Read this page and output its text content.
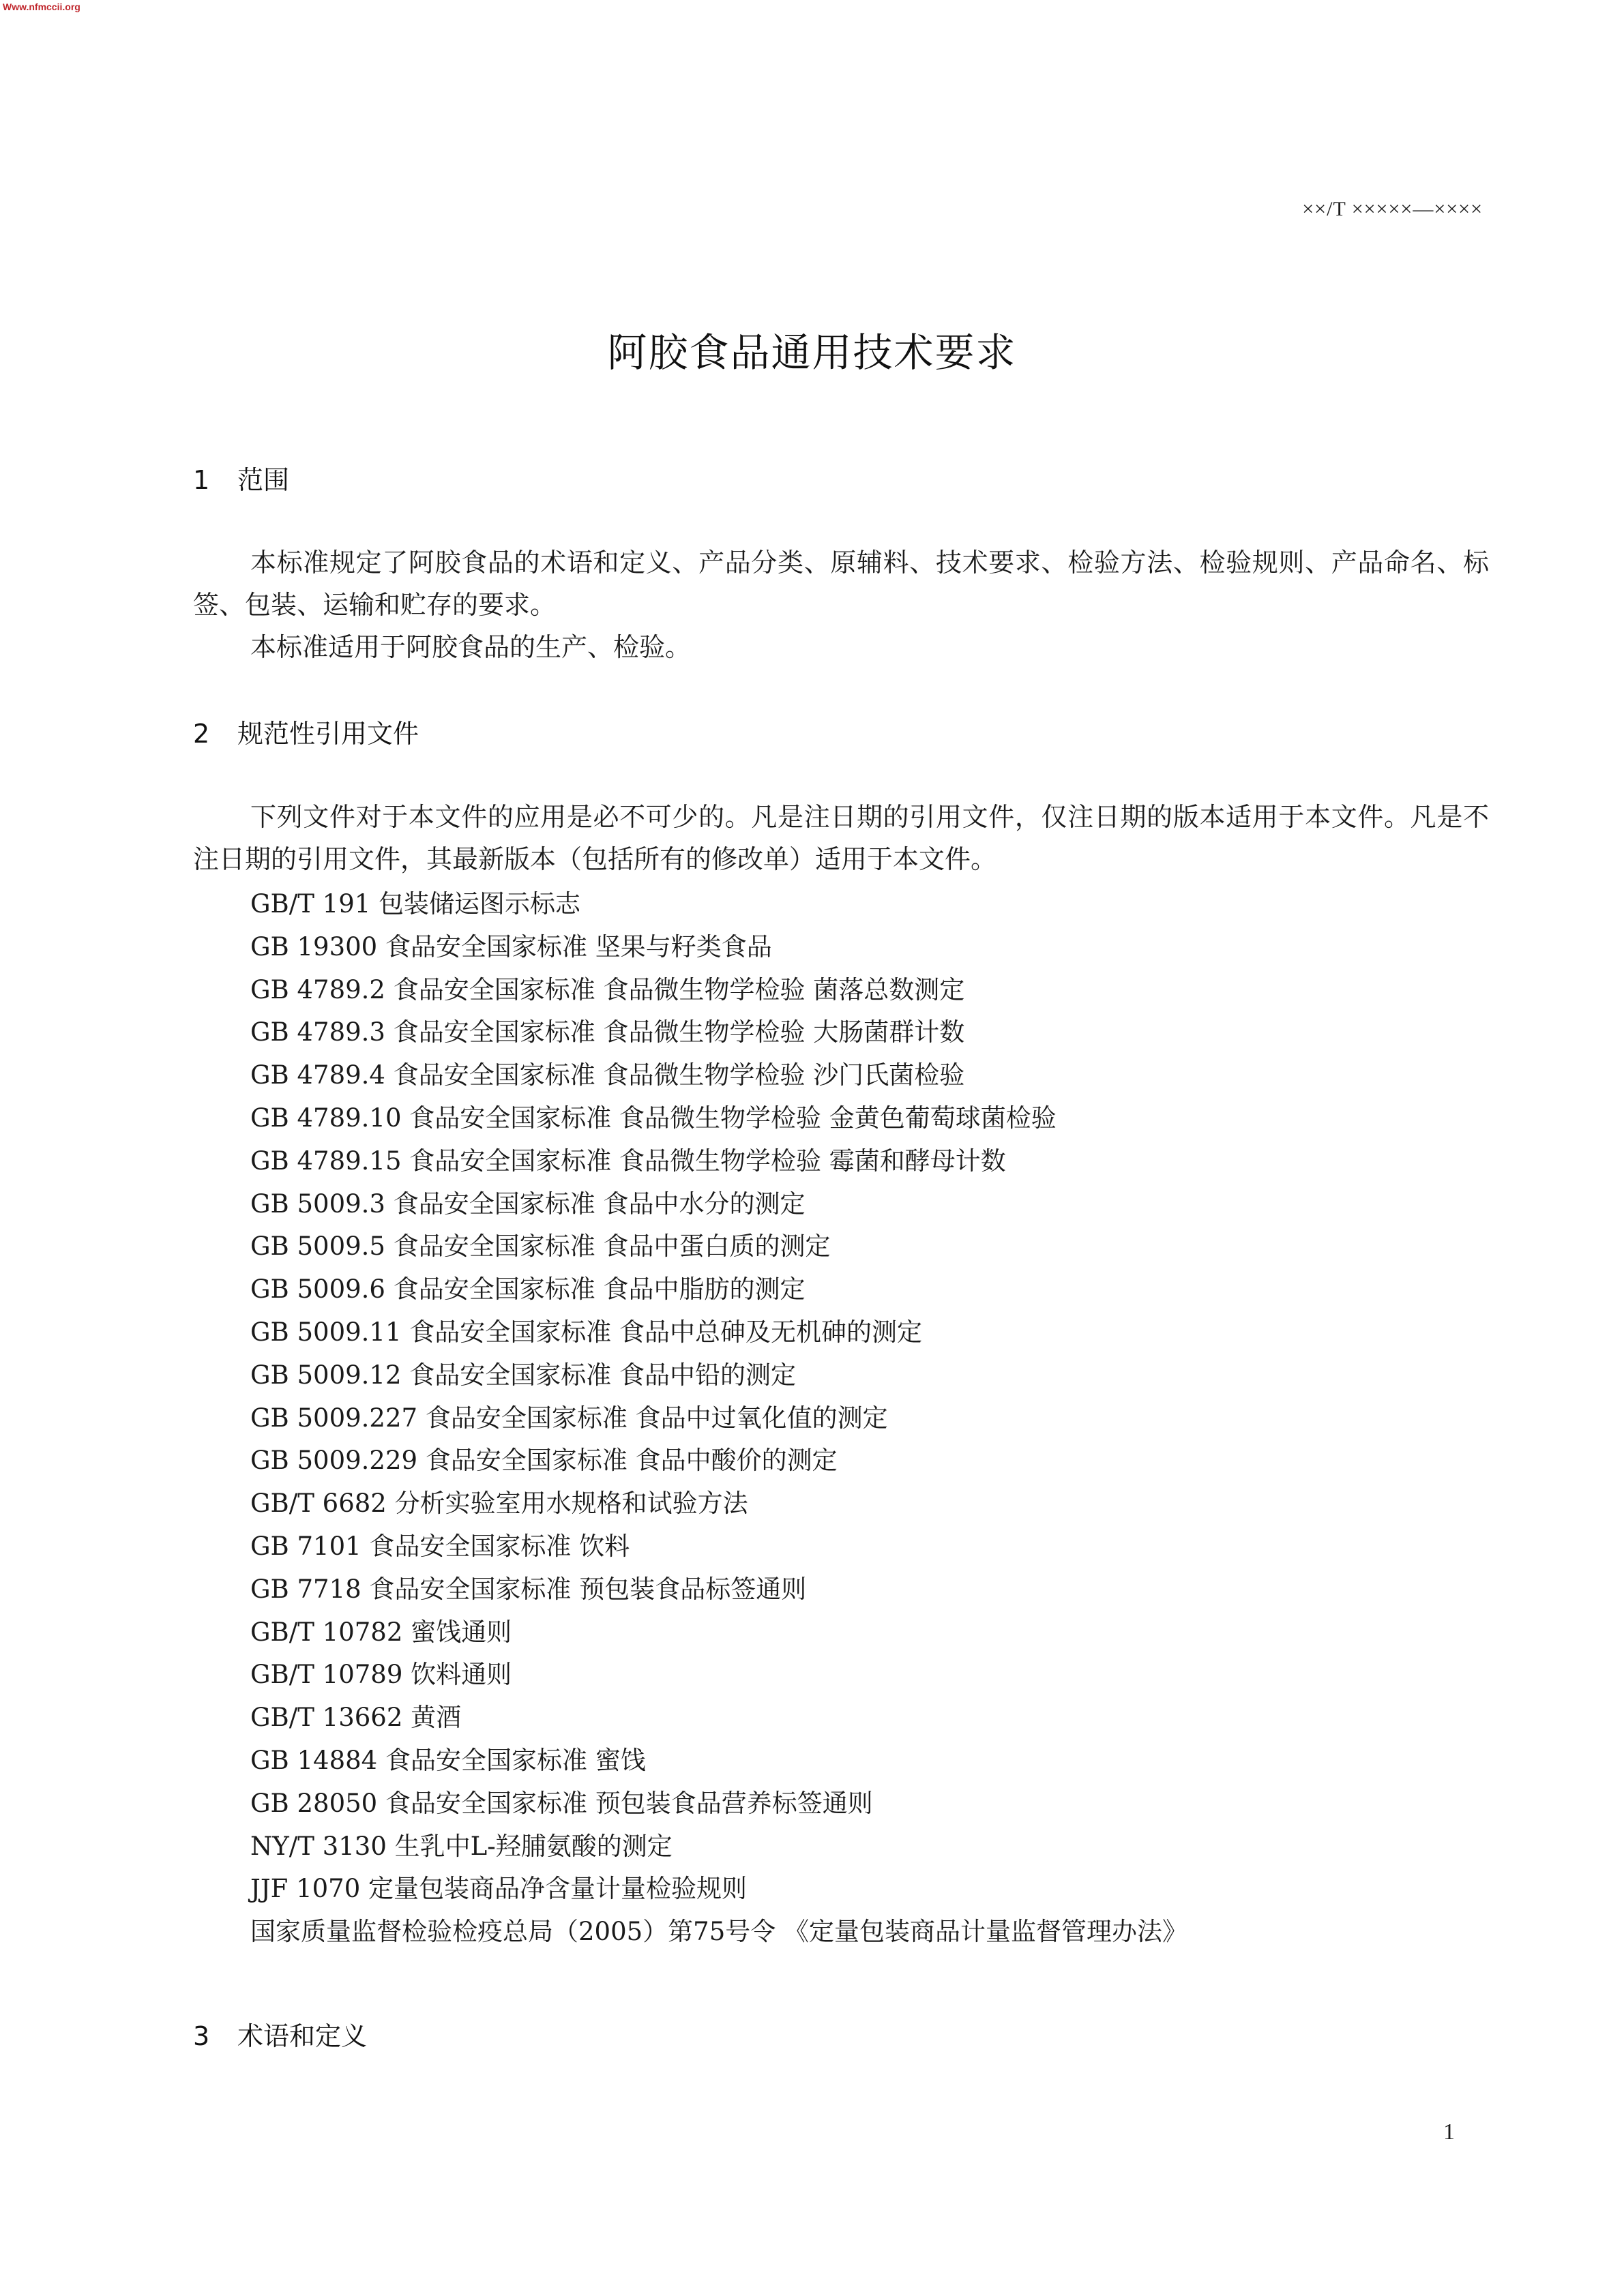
Www.nfmccii.org
××/T ×××××—××××
阿胶食品通用技术要求
1 范围
本标准规定了阿胶食品的术语和定义、产品分类、原辅料、技术要求、检验方法、检验规则、产品命名、标签、包装、运输和贮存的要求。
本标准适用于阿胶食品的生产、检验。
2 规范性引用文件
下列文件对于本文件的应用是必不可少的。凡是注日期的引用文件，仅注日期的版本适用于本文件。凡是不注日期的引用文件，其最新版本（包括所有的修改单）适用于本文件。
GB/T 191 包装储运图示标志
GB 19300 食品安全国家标准 坚果与籽类食品
GB 4789.2 食品安全国家标准 食品微生物学检验 菌落总数测定
GB 4789.3 食品安全国家标准 食品微生物学检验 大肠菌群计数
GB 4789.4 食品安全国家标准 食品微生物学检验 沙门氏菌检验
GB 4789.10 食品安全国家标准 食品微生物学检验 金黄色葡萄球菌检验
GB 4789.15 食品安全国家标准 食品微生物学检验 霉菌和酵母计数
GB 5009.3 食品安全国家标准 食品中水分的测定
GB 5009.5 食品安全国家标准 食品中蛋白质的测定
GB 5009.6 食品安全国家标准 食品中脂肪的测定
GB 5009.11 食品安全国家标准 食品中总砷及无机砷的测定
GB 5009.12 食品安全国家标准 食品中铅的测定
GB 5009.227 食品安全国家标准 食品中过氧化值的测定
GB 5009.229 食品安全国家标准 食品中酸价的测定
GB/T 6682 分析实验室用水规格和试验方法
GB 7101 食品安全国家标准 饮料
GB 7718 食品安全国家标准 预包装食品标签通则
GB/T 10782 蜜饯通则
GB/T 10789 饮料通则
GB/T 13662 黄酒
GB 14884 食品安全国家标准 蜜饯
GB 28050 食品安全国家标准 预包装食品营养标签通则
NY/T 3130 生乳中L-羟脯氨酸的测定
JJF 1070 定量包装商品净含量计量检验规则
国家质量监督检验检疫总局（2005）第75号令 《定量包装商品计量监督管理办法》
3 术语和定义
1
